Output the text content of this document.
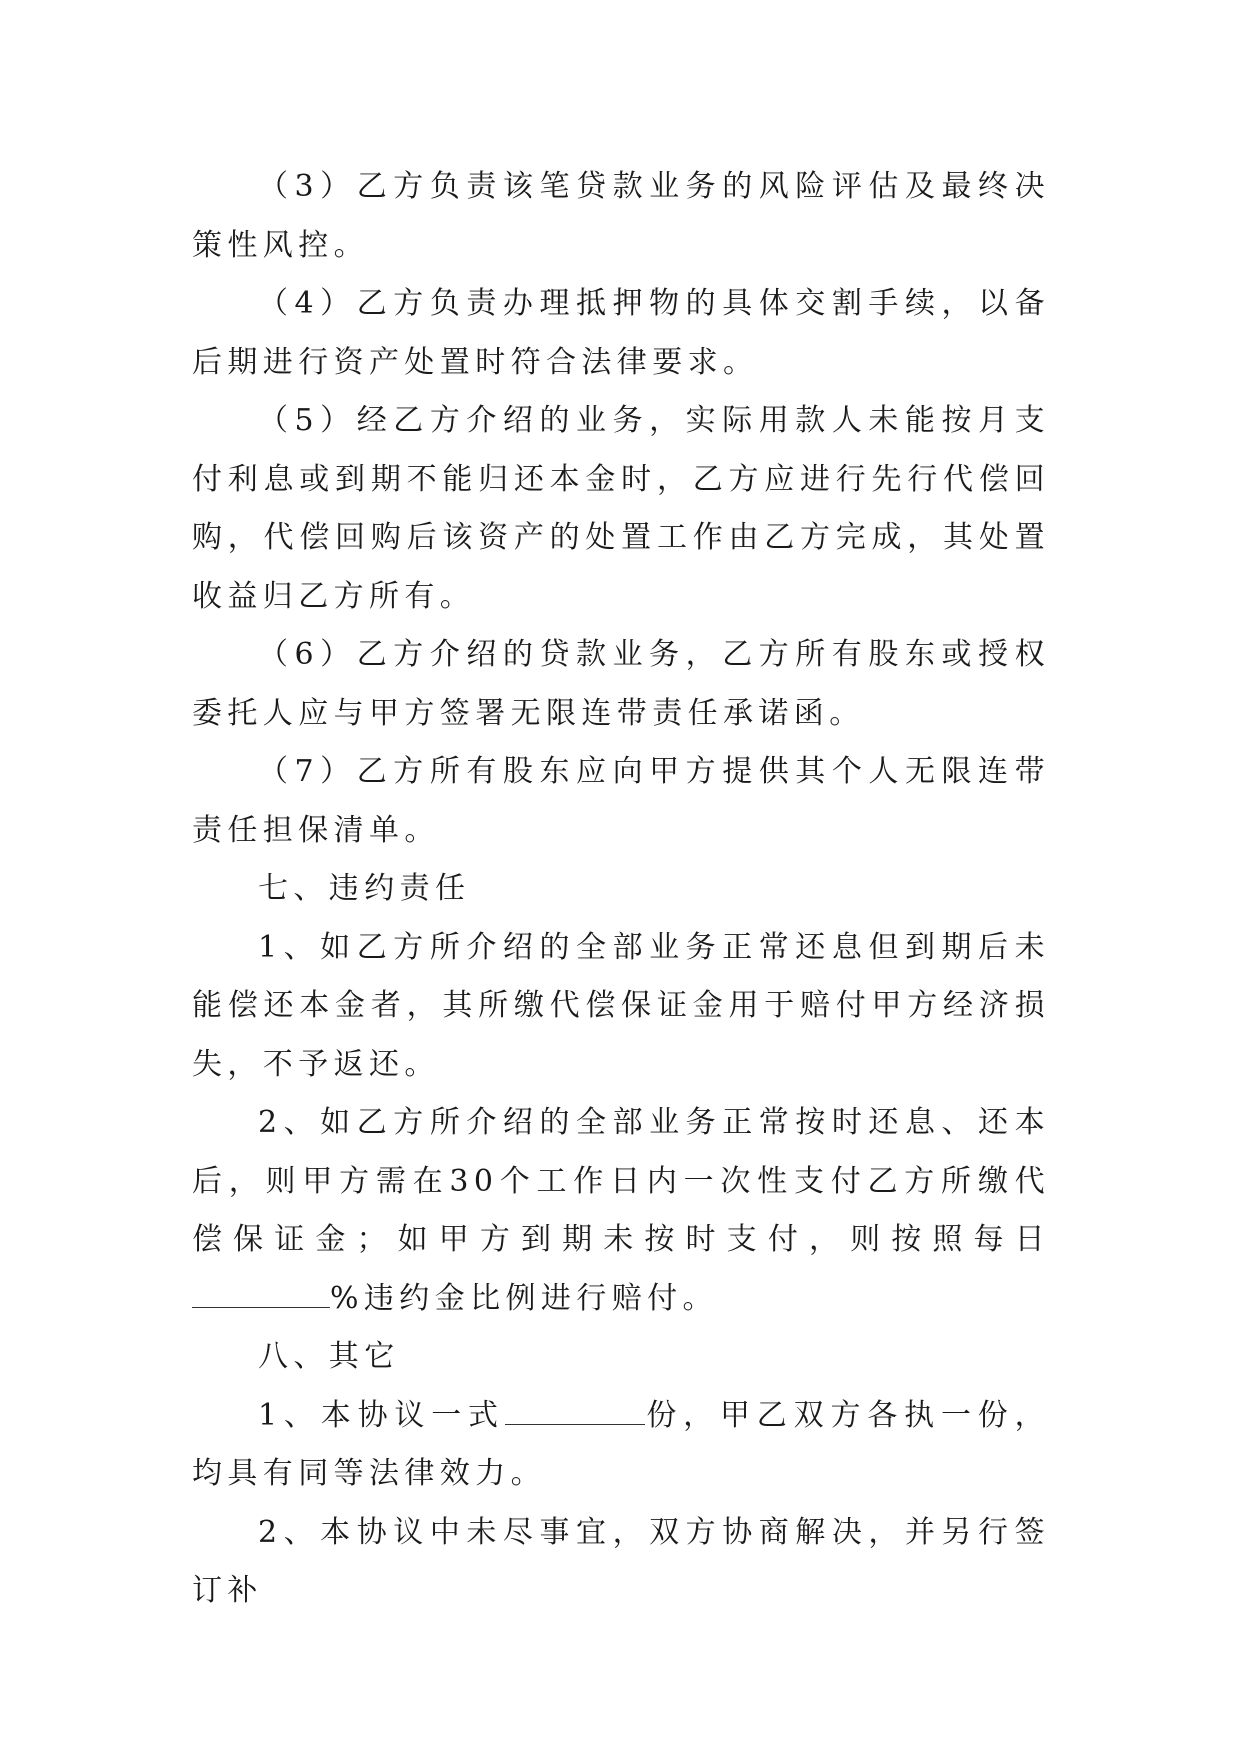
（3）乙方负责该笔贷款业务的风险评估及最终决策性风控。

（4）乙方负责办理抵押物的具体交割手续，以备后期进行资产处置时符合法律要求。

（5）经乙方介绍的业务，实际用款人未能按月支付利息或到期不能归还本金时，乙方应进行先行代偿回购，代偿回购后该资产的处置工作由乙方完成，其处置收益归乙方所有。

（6）乙方介绍的贷款业务，乙方所有股东或授权委托人应与甲方签署无限连带责任承诺函。

（7）乙方所有股东应向甲方提供其个人无限连带责任担保清单。

七、违约责任

1、如乙方所介绍的全部业务正常还息但到期后未能偿还本金者，其所缴代偿保证金用于赔付甲方经济损失，不予返还。

2、如乙方所介绍的全部业务正常按时还息、还本后，则甲方需在30个工作日内一次性支付乙方所缴代偿保证金；如甲方到期未按时支付，则按照每日%违约金比例进行赔付。

八、其它

1、本协议一式	份，甲乙双方各执一份，均具有同等法律效力。

2、本协议中未尽事宜，双方协商解决，并另行签订补
